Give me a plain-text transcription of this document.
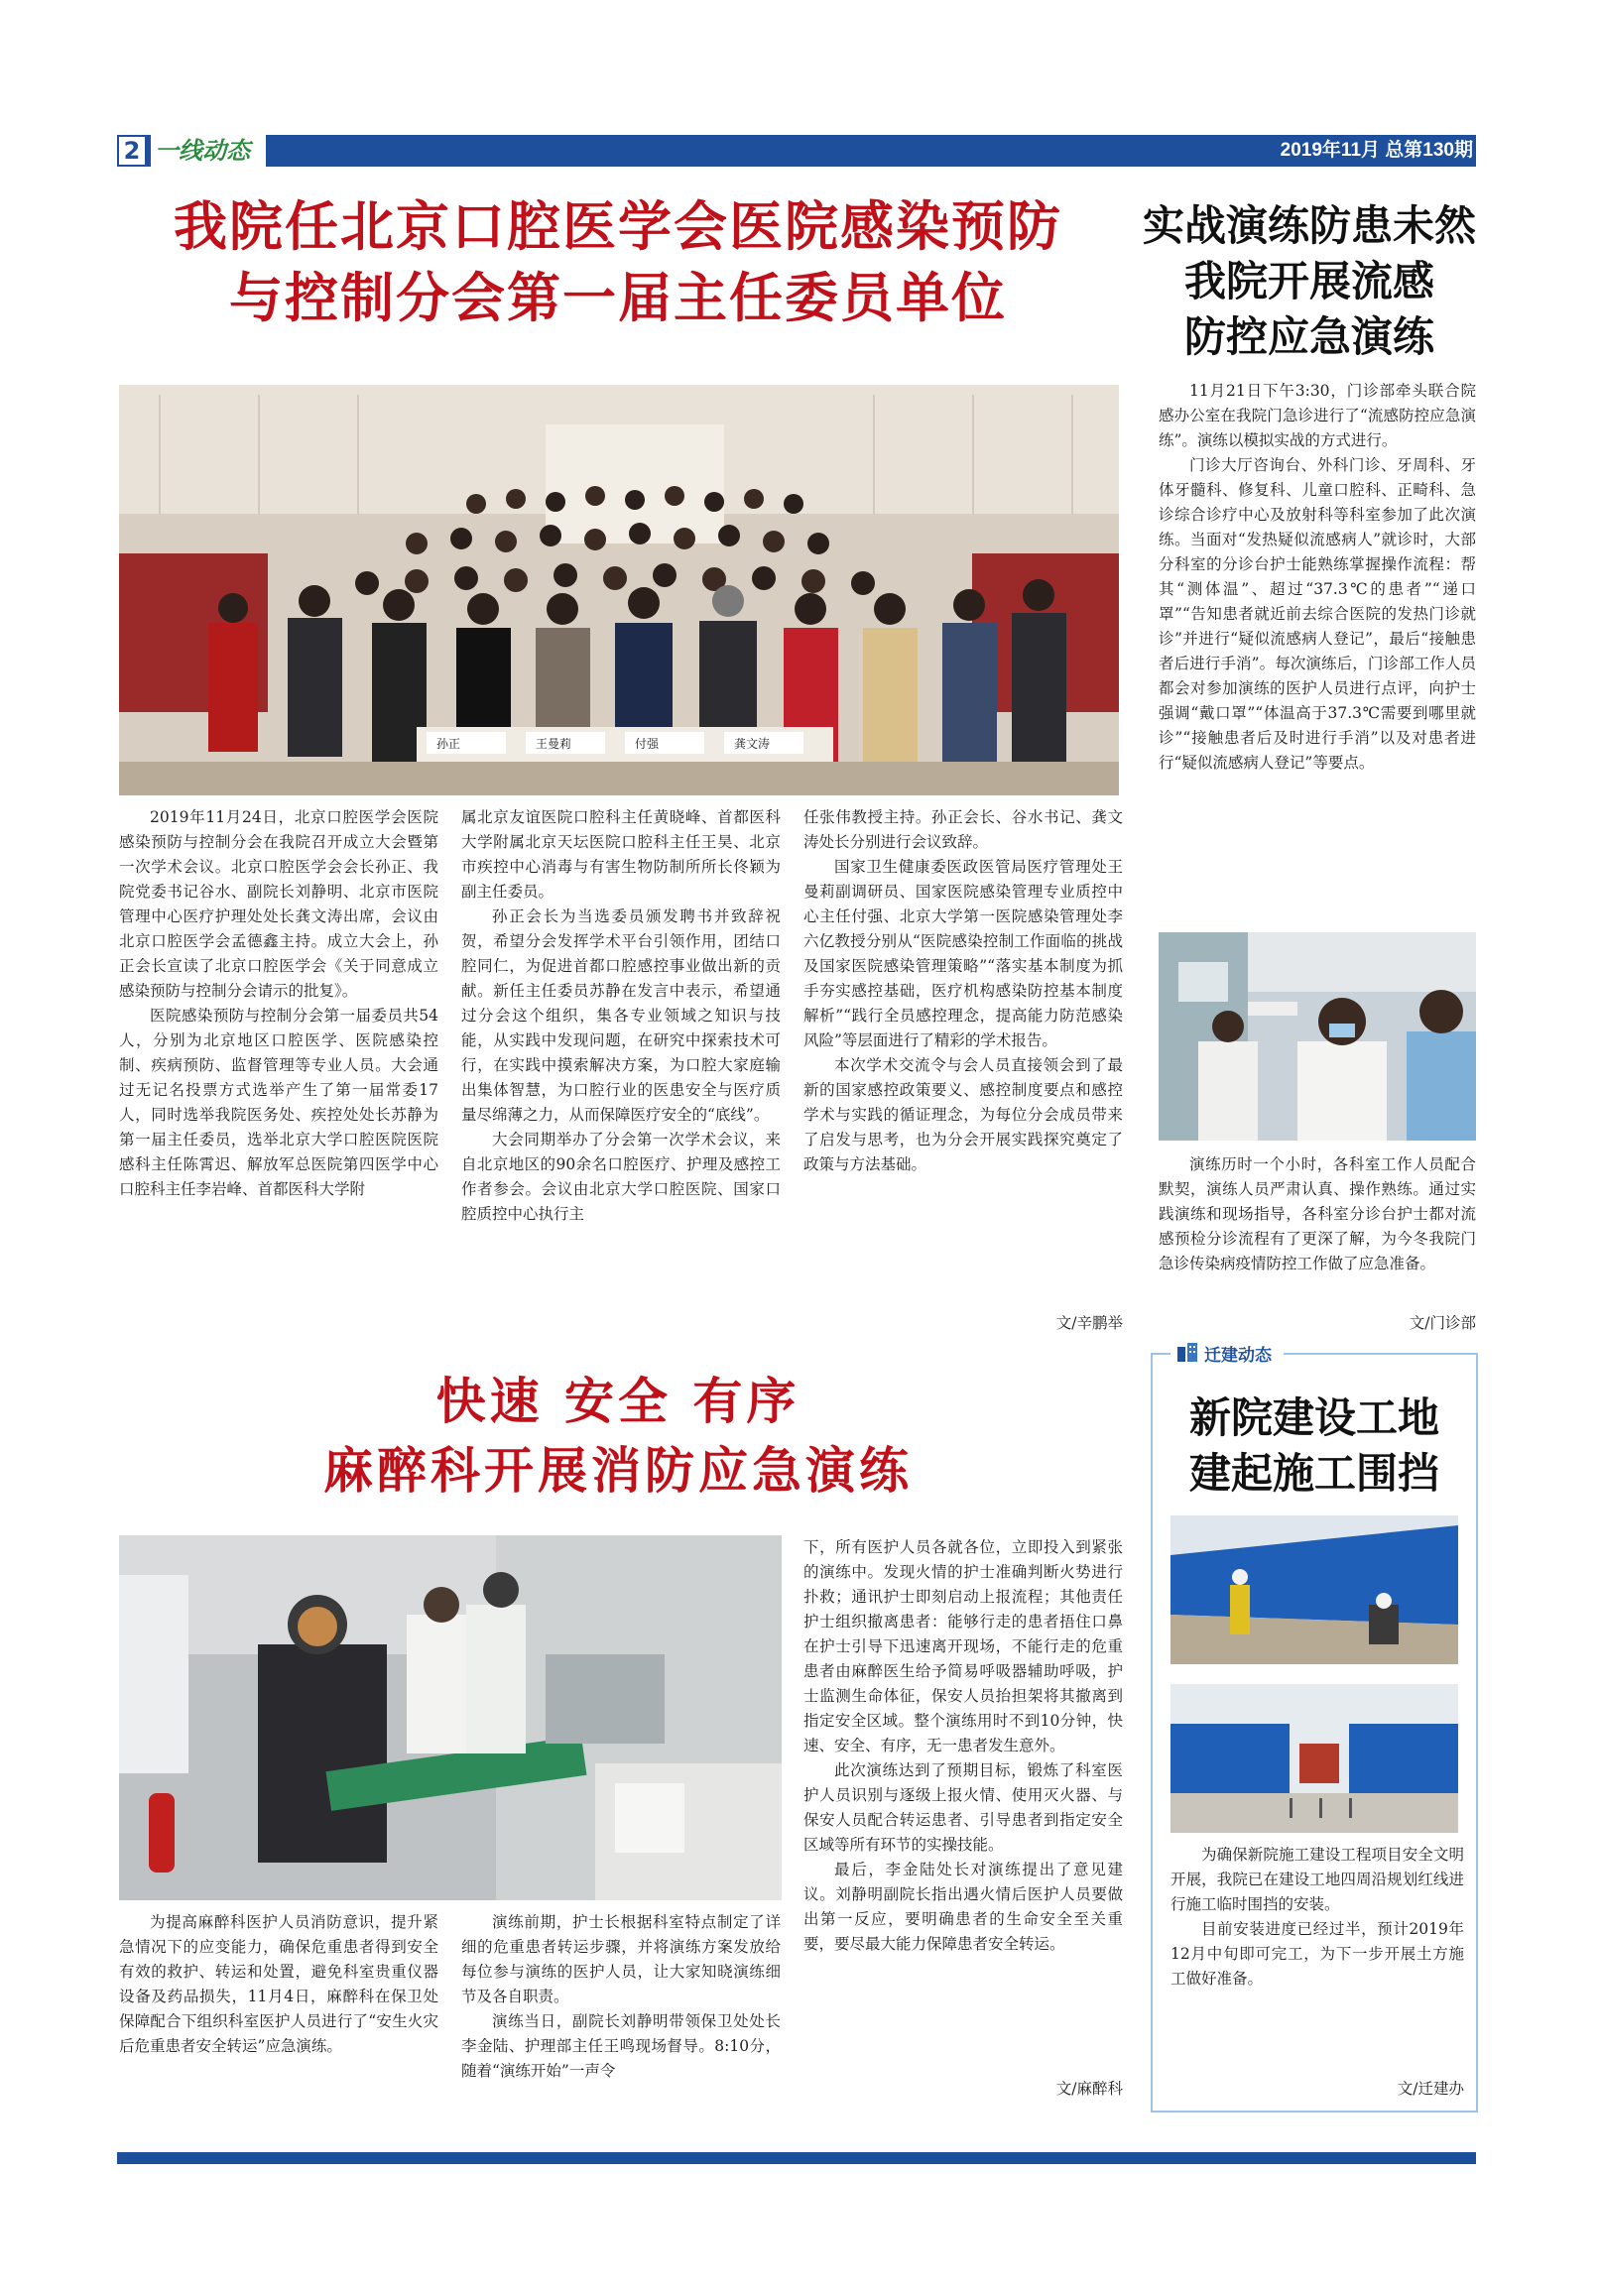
2 一线动态	2019年11月 总第130期
我院任北京口腔医学会医院感染预防
与控制分会第一届主任委员单位
孙正	王曼莉	付强	龚文涛

2019年11月24日，北京口腔医学会医院感染预防与控制分会在我院召开成立大会暨第一次学术会议。北京口腔医学会会长孙正、我院党委书记谷水、副院长刘静明、北京市医院管理中心医疗护理处处长龚文涛出席，会议由北京口腔医学会孟德鑫主持。成立大会上，孙正会长宣读了北京口腔医学会《关于同意成立感染预防与控制分会请示的批复》。

医院感染预防与控制分会第一届委员共54人，分别为北京地区口腔医学、医院感染控制、疾病预防、监督管理等专业人员。大会通过无记名投票方式选举产生了第一届常委17人，同时选举我院医务处、疾控处处长苏静为第一届主任委员，选举北京大学口腔医院医院感科主任陈霄迟、解放军总医院第四医学中心口腔科主任李岩峰、首都医科大学附

属北京友谊医院口腔科主任黄晓峰、首都医科大学附属北京天坛医院口腔科主任王昊、北京市疾控中心消毒与有害生物防制所所长佟颖为副主任委员。

孙正会长为当选委员颁发聘书并致辞祝贺，希望分会发挥学术平台引领作用，团结口腔同仁，为促进首都口腔感控事业做出新的贡献。新任主任委员苏静在发言中表示，希望通过分会这个组织，集各专业领域之知识与技能，从实践中发现问题，在研究中探索技术可行，在实践中摸索解决方案，为口腔大家庭输出集体智慧，为口腔行业的医患安全与医疗质量尽绵薄之力，从而保障医疗安全的“底线”。

大会同期举办了分会第一次学术会议，来自北京地区的90余名口腔医疗、护理及感控工作者参会。会议由北京大学口腔医院、国家口腔质控中心执行主

任张伟教授主持。孙正会长、谷水书记、龚文涛处长分别进行会议致辞。

国家卫生健康委医政医管局医疗管理处王曼莉副调研员、国家医院感染管理专业质控中心主任付强、北京大学第一医院感染管理处李六亿教授分别从“医院感染控制工作面临的挑战及国家医院感染管理策略”“落实基本制度为抓手夯实感控基础，医疗机构感染防控基本制度解析”“践行全员感控理念，提高能力防范感染风险”等层面进行了精彩的学术报告。

本次学术交流令与会人员直接领会到了最新的国家感控政策要义、感控制度要点和感控学术与实践的循证理念，为每位分会成员带来了启发与思考，也为分会开展实践探究奠定了政策与方法基础。

文/辛鹏举
实战演练防患未然
我院开展流感
防控应急演练

11月21日下午3:30，门诊部牵头联合院感办公室在我院门急诊进行了“流感防控应急演练”。演练以模拟实战的方式进行。

门诊大厅咨询台、外科门诊、牙周科、牙体牙髓科、修复科、儿童口腔科、正畸科、急诊综合诊疗中心及放射科等科室参加了此次演练。当面对“发热疑似流感病人”就诊时，大部分科室的分诊台护士能熟练掌握操作流程：帮其“测体温”、超过“37.3℃的患者”“递口罩”“告知患者就近前去综合医院的发热门诊就诊”并进行“疑似流感病人登记”，最后“接触患者后进行手消”。每次演练后，门诊部工作人员都会对参加演练的医护人员进行点评，向护士强调“戴口罩”“体温高于37.3℃需要到哪里就诊”“接触患者后及时进行手消”以及对患者进行“疑似流感病人登记”等要点。

演练历时一个小时，各科室工作人员配合默契，演练人员严肃认真、操作熟练。通过实践演练和现场指导，各科室分诊台护士都对流感预检分诊流程有了更深了解，为今冬我院门急诊传染病疫情防控工作做了应急准备。

文/门诊部
快速 安全 有序
麻醉科开展消防应急演练

为提高麻醉科医护人员消防意识，提升紧急情况下的应变能力，确保危重患者得到安全有效的救护、转运和处置，避免科室贵重仪器设备及药品损失，11月4日，麻醉科在保卫处保障配合下组织科室医护人员进行了“安生火灾后危重患者安全转运”应急演练。

演练前期，护士长根据科室特点制定了详细的危重患者转运步骤，并将演练方案发放给每位参与演练的医护人员，让大家知晓演练细节及各自职责。

演练当日，副院长刘静明带领保卫处处长李金陆、护理部主任王鸣现场督导。8:10分，随着“演练开始”一声令

下，所有医护人员各就各位，立即投入到紧张的演练中。发现火情的护士准确判断火势进行扑救；通讯护士即刻启动上报流程；其他责任护士组织撤离患者：能够行走的患者捂住口鼻在护士引导下迅速离开现场，不能行走的危重患者由麻醉医生给予简易呼吸器辅助呼吸，护士监测生命体征，保安人员抬担架将其撤离到指定安全区域。整个演练用时不到10分钟，快速、安全、有序，无一患者发生意外。

此次演练达到了预期目标，锻炼了科室医护人员识别与逐级上报火情、使用灭火器、与保安人员配合转运患者、引导患者到指定安全区域等所有环节的实操技能。

最后，李金陆处长对演练提出了意见建议。刘静明副院长指出遇火情后医护人员要做出第一反应，要明确患者的生命安全至关重要，要尽最大能力保障患者安全转运。

文/麻醉科
迁建动态
新院建设工地
建起施工围挡

为确保新院施工建设工程项目安全文明开展，我院已在建设工地四周沿规划红线进行施工临时围挡的安装。

目前安装进度已经过半，预计2019年12月中旬即可完工，为下一步开展土方施工做好准备。

文/迁建办
